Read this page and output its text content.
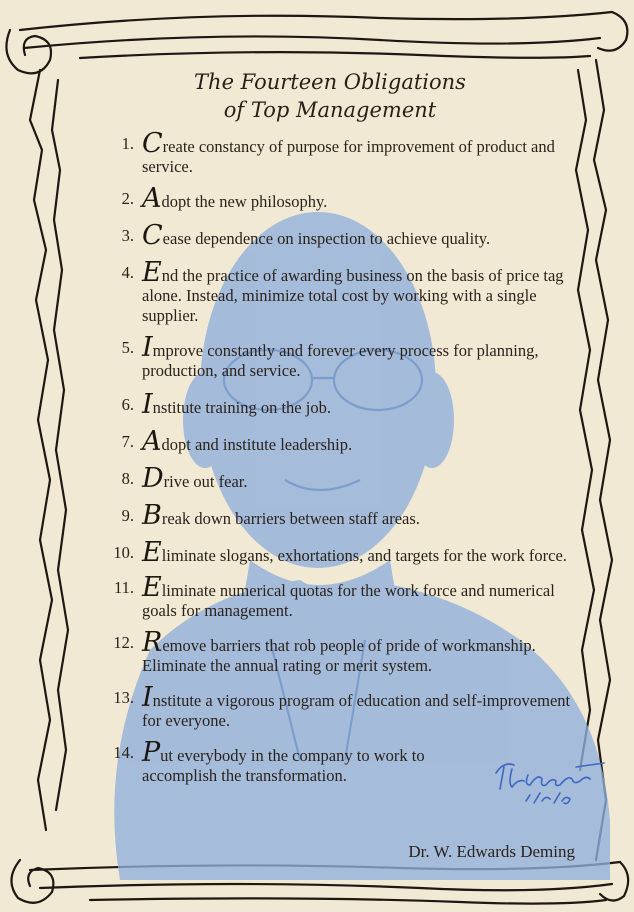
The Fourteen Obligations
of Top Management
1. Create constancy of purpose for improvement of product and service.
2. Adopt the new philosophy.
3. Cease dependence on inspection to achieve quality.
4. End the practice of awarding business on the basis of price tag alone. Instead, minimize total cost by working with a single supplier.
5. Improve constantly and forever every process for planning, production, and service.
6. Institute training on the job.
7. Adopt and institute leadership.
8. Drive out fear.
9. Break down barriers between staff areas.
10. Eliminate slogans, exhortations, and targets for the work force.
11. Eliminate numerical quotas for the work force and numerical goals for management.
12. Remove barriers that rob people of pride of workmanship. Eliminate the annual rating or merit system.
13. Institute a vigorous program of education and self-improvement for everyone.
14. Put everybody in the company to work to accomplish the transformation.
Dr. W. Edwards Deming
